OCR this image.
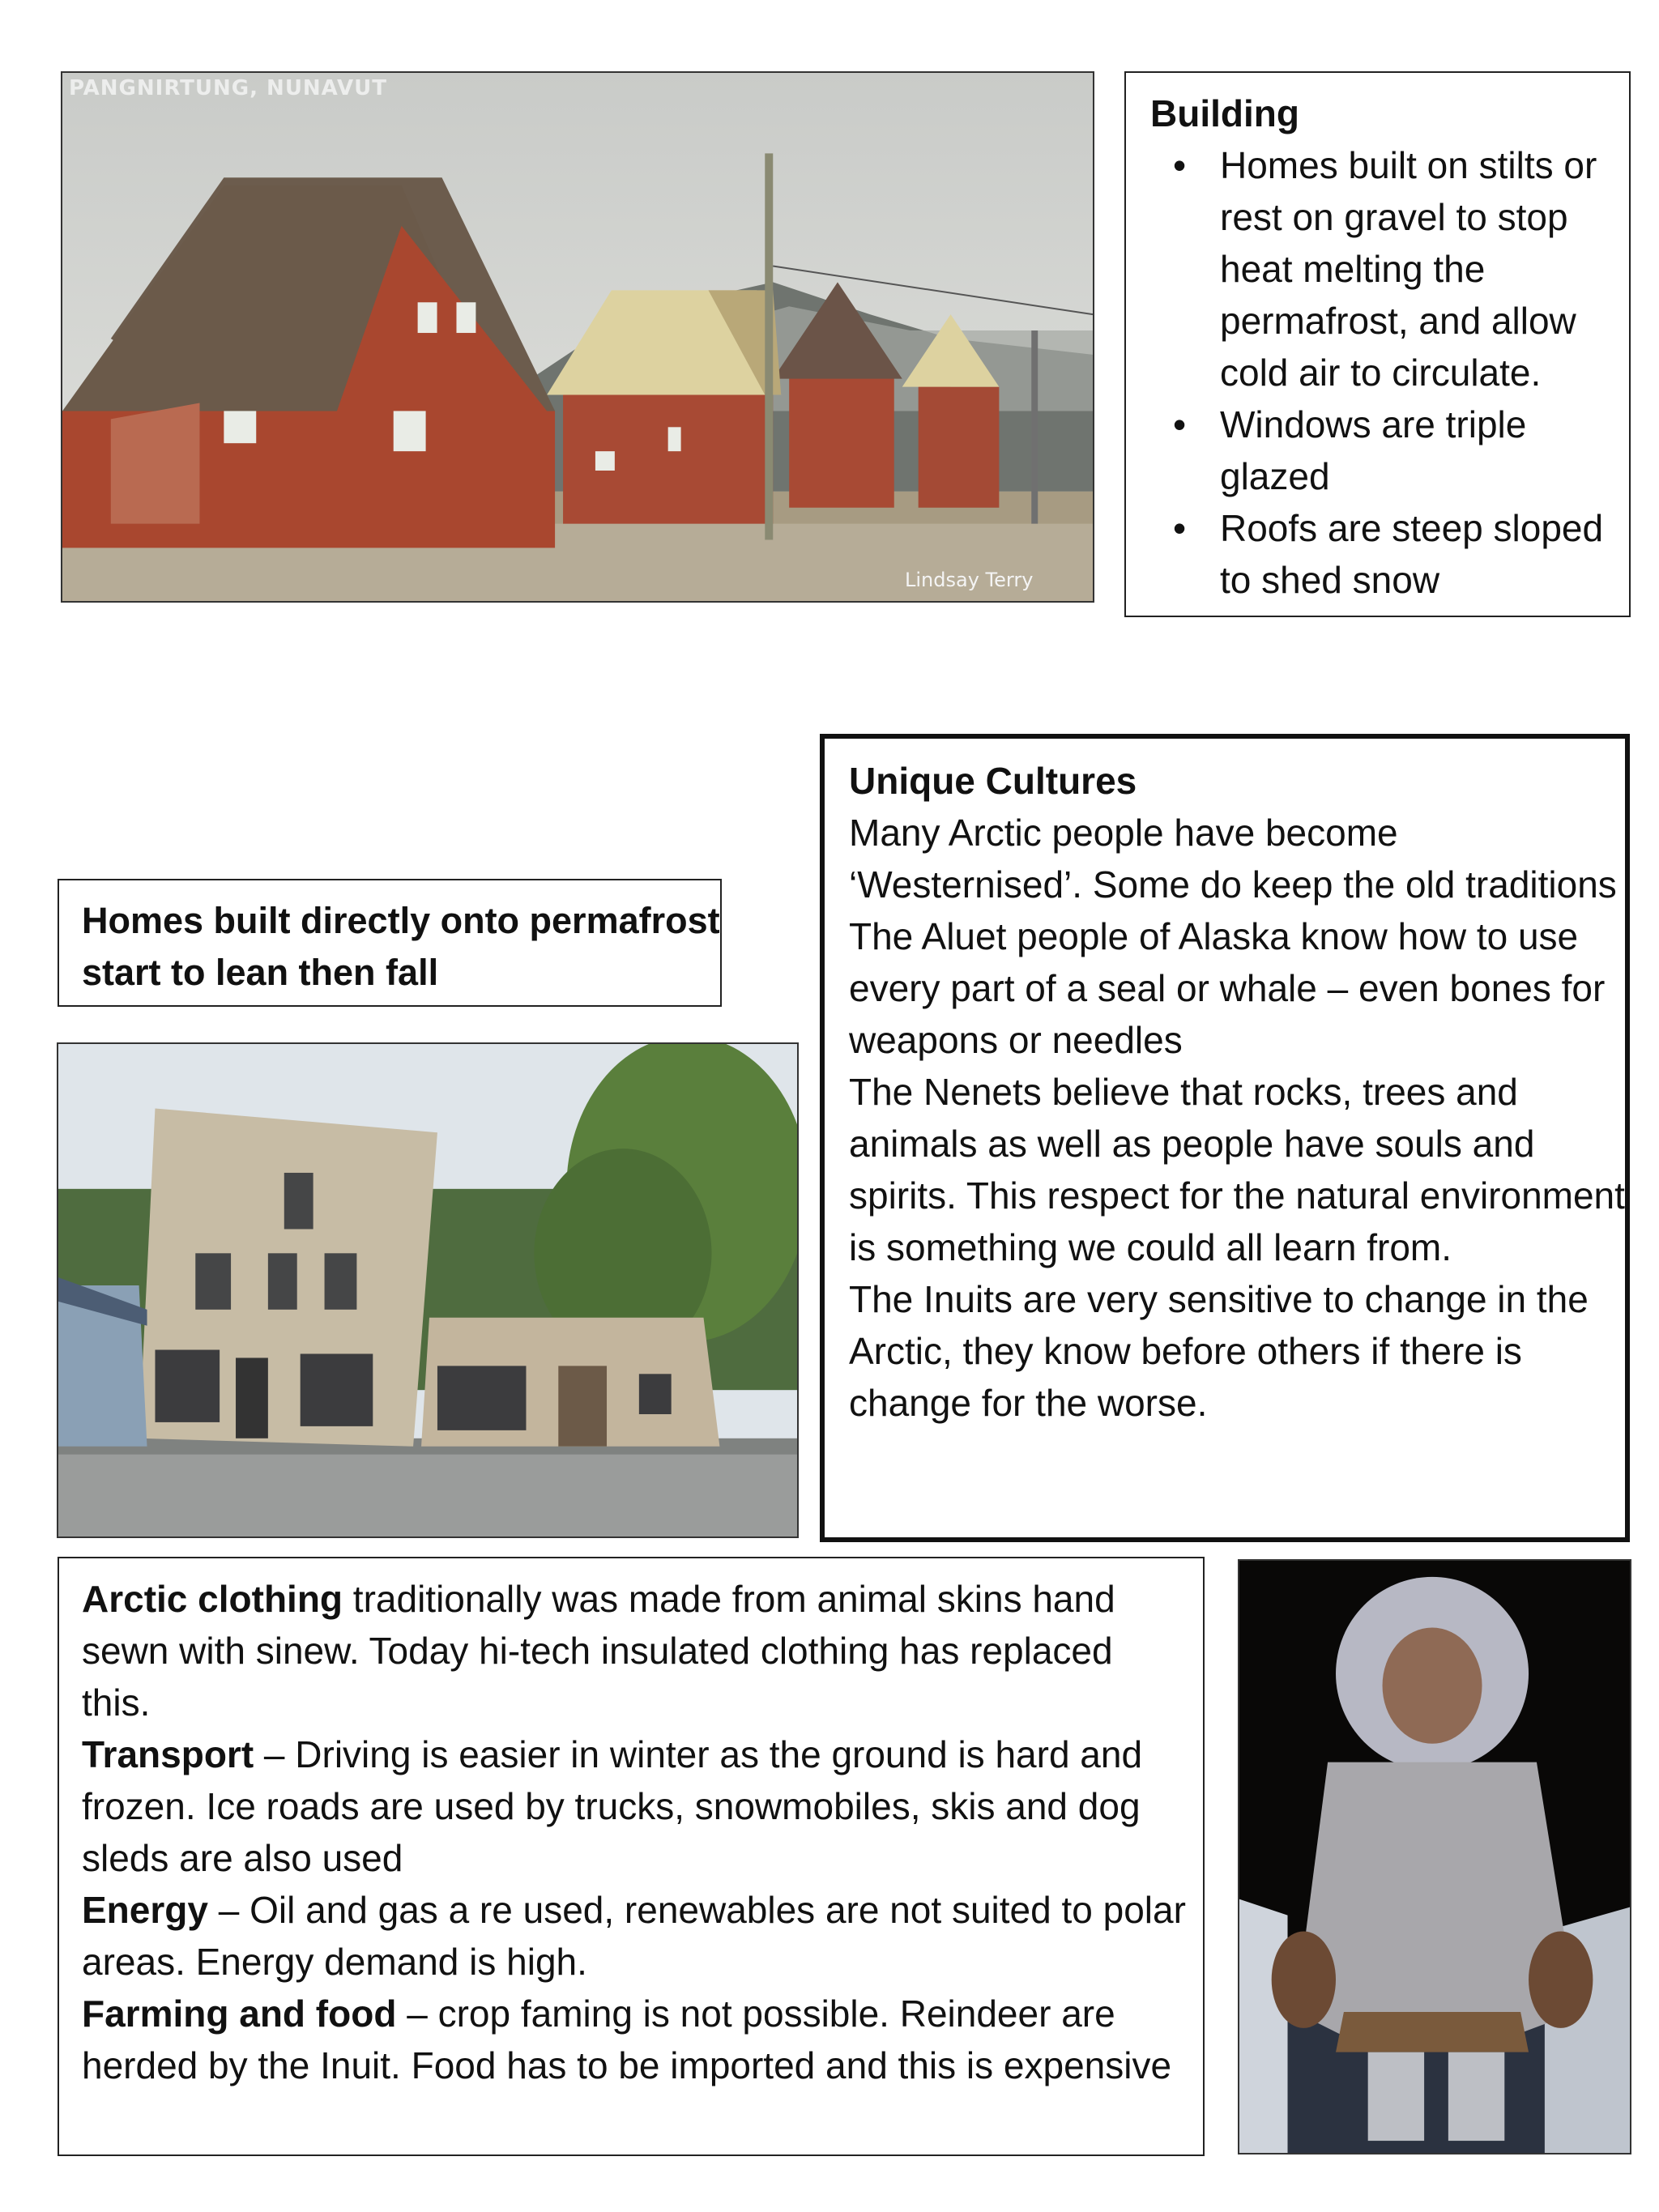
PANGNIRTUNG, NUNAVUT
Lindsay Terry
Building
• Homes built on stilts or rest on gravel to stop heat melting the permafrost, and allow cold air to circulate.
• Windows are triple glazed
• Roofs are steep sloped to shed snow
Homes built directly onto permafrost start to lean then fall
Unique Cultures
Many Arctic people have become ‘Westernised’. Some do keep the old traditions
The Aluet people of Alaska know how to use every part of a seal or whale – even bones for weapons or needles
The Nenets believe that rocks, trees and animals as well as people have souls and spirits. This respect for the natural environment is something we could all learn from.
The Inuits are very sensitive to change in the Arctic, they know before others if there is change for the worse.
Arctic clothing traditionally was made from animal skins hand sewn with sinew. Today hi-tech insulated clothing has replaced this.
Transport – Driving is easier in winter as the ground is hard and frozen. Ice roads are used by trucks, snowmobiles, skis and dog sleds are also used
Energy – Oil and gas a re used, renewables are not suited to polar areas. Energy demand is high.
Farming and food – crop faming is not possible. Reindeer are herded by the Inuit. Food has to be imported and this is expensive
